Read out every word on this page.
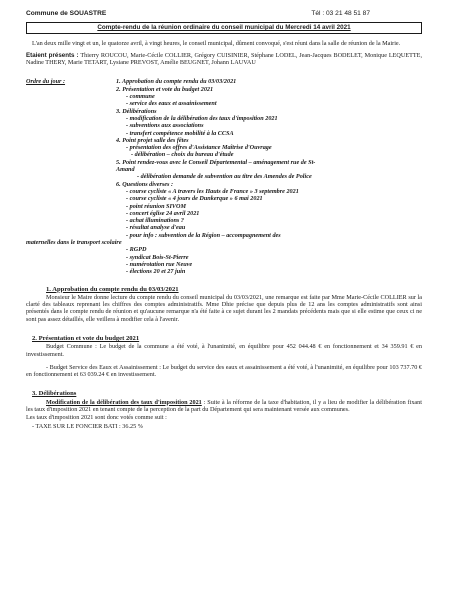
Commune de SOUASTRE	Tél : 03 21 48 51 87
Compte-rendu de la réunion ordinaire du conseil municipal du Mercredi 14 avril 2021
L'an deux mille vingt et un, le quatorze avril, à vingt heures, le conseil municipal, dûment convoqué, s'est réuni dans la salle de réunion de la Mairie.
Etaient présents : Thierry ROUCOU, Marie-Cécile COLLIER, Grégory CUISINIER, Stéphane LODEL, Jean-Jacques BODELET, Monique LEQUETTE, Nadine THERY, Marie TETART, Lysiane PREVOST, Amélie BEUGNET, Johann LAUVAU
Ordre du jour :	1. Approbation du compte rendu du 03/03/2021
2. Présentation et vote du budget 2021
- commune
- service des eaux et assainissement
3. Délibérations
- modification de la délibération des taux d'imposition 2021
- subventions aux associations
- transfert compétence mobilité à la CCSA
4. Point projet salle des fêtes
- présentation des offres d'Assistance Maîtrise d'Ouvrage
- délibération – choix du bureau d'étude
5. Point rendez-vous avec le Conseil Départemental – aménagement rue de St-
Amand
- délibération demande de subvention au titre des Amendes de Police
6. Questions diverses :
- course cycliste « A travers les Hauts de France » 3 septembre 2021
- course cycliste « 4 jours de Dunkerque » 6 mai 2021
- point réunion SIVOM
- concert église 24 avril 2021
- achat illuminations ?
- résultat analyse d'eau
- pour info : subvention de la Région – accompagnement des
maternelles dans le transport scolaire
- RGPD
- syndicat Bois-St-Pierre
- numérotation rue Neuve
- élections 20 et 27 juin
1. Approbation du compte rendu du 03/03/2021
Monsieur le Maire donne lecture du compte rendu du conseil municipal du 03/03/2021, une remarque est faite par Mme Marie-Cécile COLLIER sur la clarté des tableaux reprenant les chiffres des comptes administratifs. Mme Dhie précise que depuis plus de 12 ans les comptes administratifs sont ainsi présentés dans le compte rendu de réunion et qu'aucune remarque n'a été faite à ce sujet durant les 2 mandats précédents mais que si elle estime que ceux ci ne sont pas assez détaillés, elle veillera à modifier cela à l'avenir.
2. Présentation et vote du budget 2021
Budget Commune : Le budget de la commune a été voté, à l'unanimité, en équilibre pour 452 044.48 € en fonctionnement et 34 359.91 € en investissement.
- Budget Service des Eaux et Assainissement : Le budget du service des eaux et assainissement a été voté, à l'unanimité, en équilibre pour 103 737.70 € en fonctionnement et 63 039.24 € en investissement.
3. Délibérations
Modification de la délibération des taux d'imposition 2021 : Suite à la réforme de la taxe d'habitation, il y a lieu de modifier la délibération fixant les taux d'imposition 2021 en tenant compte de la perception de la part du Département qui sera maintenant versée aux communes.
Les taux d'imposition 2021 sont donc votés comme suit :
- TAXE SUR LE FONCIER BATI : 36.25 %
